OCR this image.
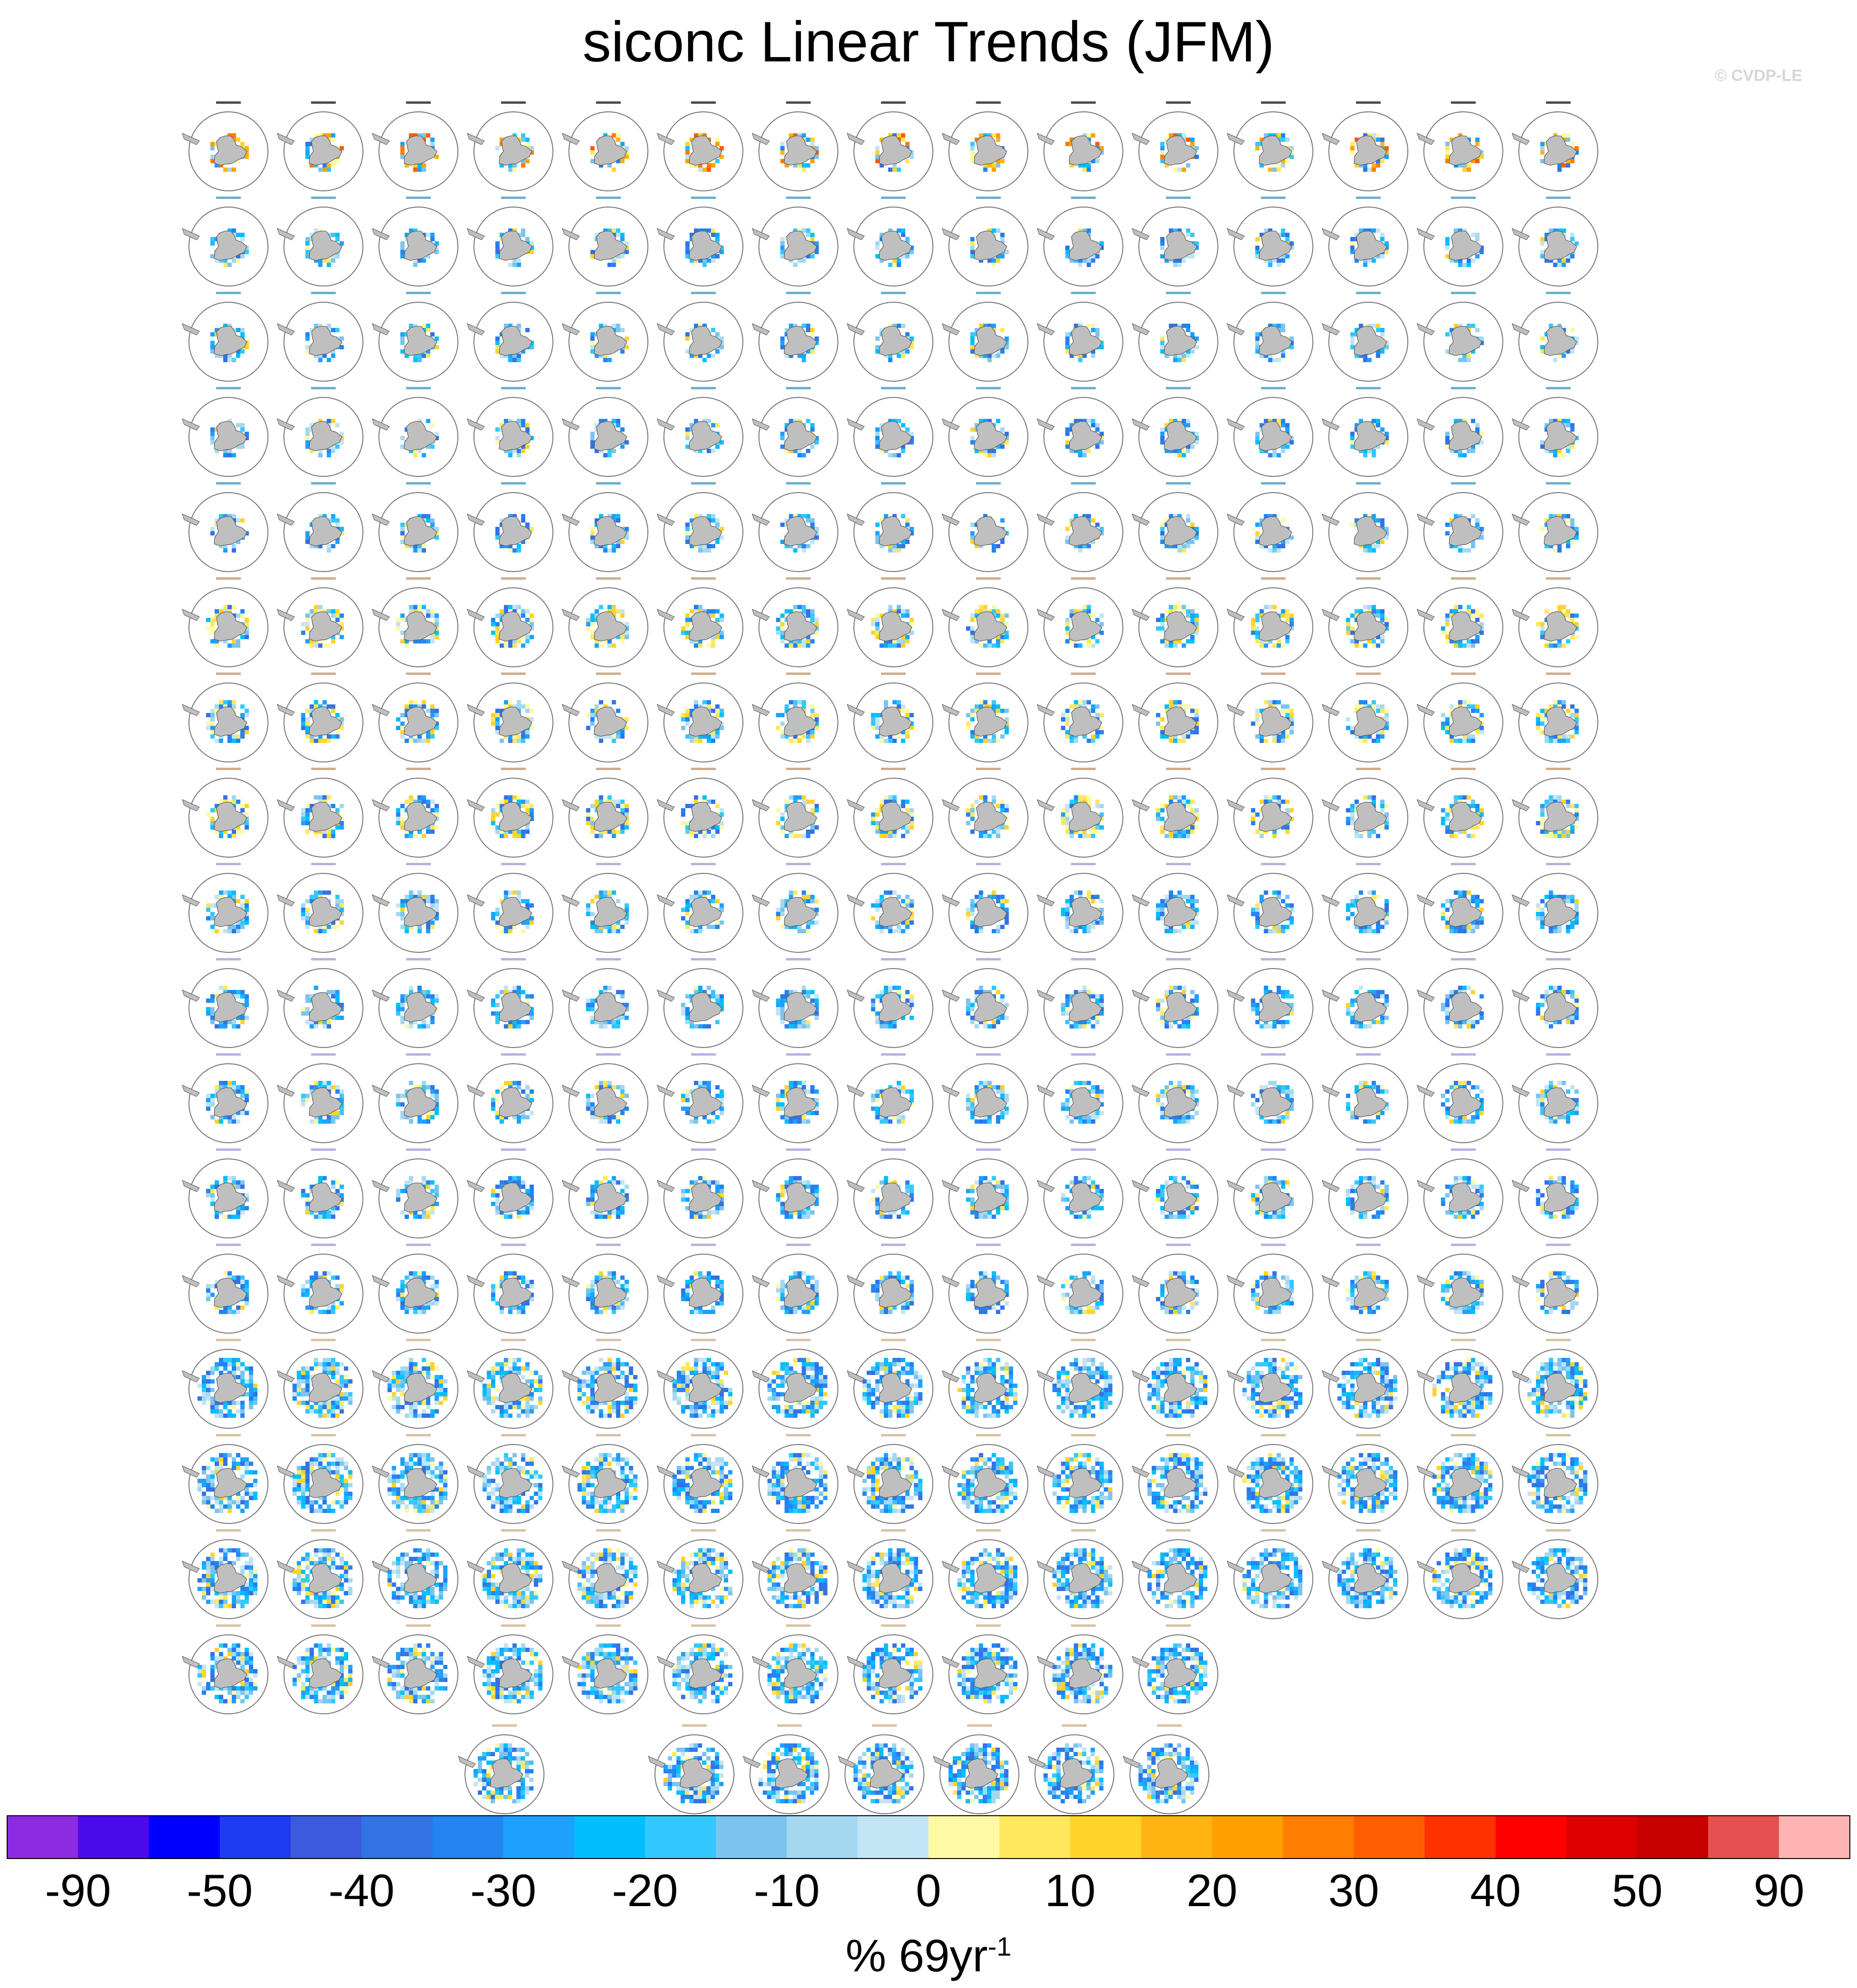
siconc Linear Trends (JFM)
© CVDP-LE
-90	-50	-40	-30	-20	-10	0	10	20	30	40	50	90
% $69yr^{-1}$
